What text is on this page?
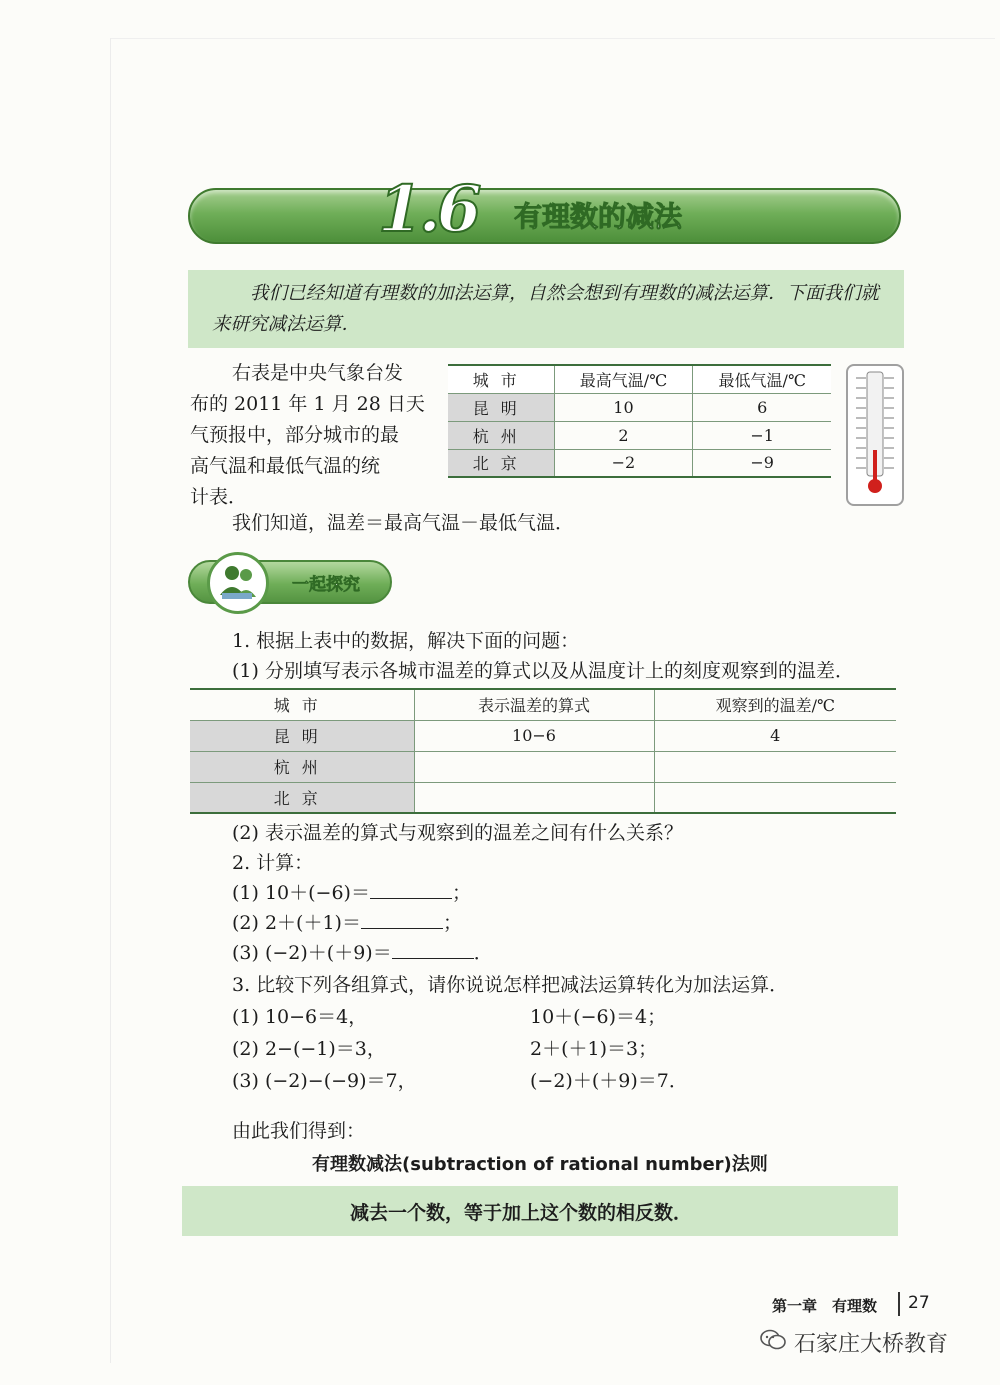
1.6 有理数的减法
我们已经知道有理数的加法运算，自然会想到有理数的减法运算．下面我们就来研究减法运算．
右表是中央气象台发
布的 2011 年 1 月 28 日天
气预报中，部分城市的最
高气温和最低气温的统
计表．
城市	最高气温/℃	最低气温/℃
昆明	10	6
杭州	2	−1
北京	−2	−9
我们知道，温差＝最高气温－最低气温．
一起探究
1. 根据上表中的数据，解决下面的问题：
(1) 分别填写表示各城市温差的算式以及从温度计上的刻度观察到的温差．
城市	表示温差的算式	观察到的温差/℃
昆明	10−6	4
杭州		
北京		
(2) 表示温差的算式与观察到的温差之间有什么关系？
2. 计算：
(1) 10＋(−6)＝	；
(2) 2＋(＋1)＝	；
(3) (−2)＋(＋9)＝	．
3. 比较下列各组算式，请你说说怎样把减法运算转化为加法运算．
(1) 10−6＝4，	10＋(−6)＝4；
(2) 2−(−1)＝3，	2＋(＋1)＝3；
(3) (−2)−(−9)＝7，	(−2)＋(＋9)＝7．
由此我们得到：
有理数减法(subtraction of rational number)法则
减去一个数，等于加上这个数的相反数．
第一章　有理数 27
石家庄大桥教育
